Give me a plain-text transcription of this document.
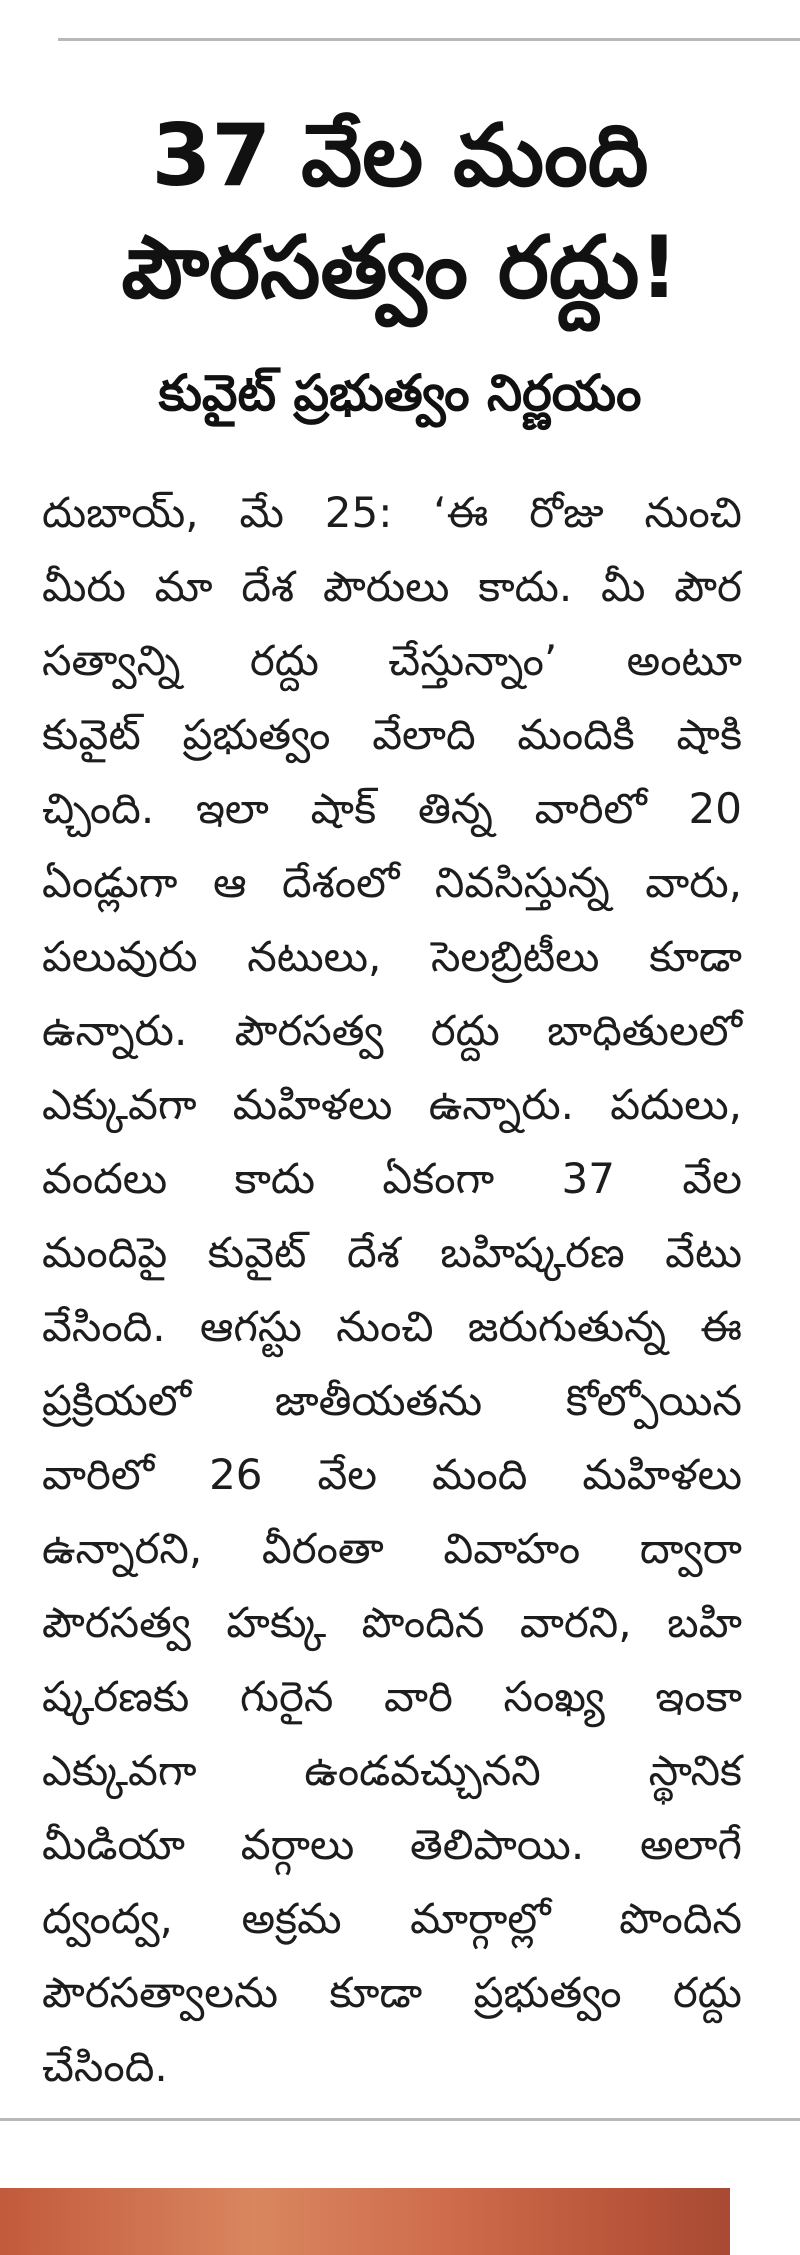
37 వేల మంది
పౌరసత్వం రద్దు!
కువైట్ ప్రభుత్వం నిర్ణయం
దుబాయ్, మే 25: ‘ఈ రోజు నుంచి
మీరు మా దేశ పౌరులు కాదు. మీ పౌర
సత్వాన్ని రద్దు చేస్తున్నాం’ అంటూ
కువైట్ ప్రభుత్వం వేలాది మందికి షాకి
చ్చింది. ఇలా షాక్ తిన్న వారిలో 20
ఏండ్లుగా ఆ దేశంలో నివసిస్తున్న వారు,
పలువురు నటులు, సెలబ్రిటీలు కూడా
ఉన్నారు. పౌరసత్వ రద్దు బాధితులలో
ఎక్కువగా మహిళలు ఉన్నారు. పదులు,
వందలు కాదు ఏకంగా 37 వేల
మందిపై కువైట్ దేశ బహిష్కరణ వేటు
వేసింది. ఆగస్టు నుంచి జరుగుతున్న ఈ
ప్రక్రియలో జాతీయతను కోల్పోయిన
వారిలో 26 వేల మంది మహిళలు
ఉన్నారని, వీరంతా వివాహం ద్వారా
పౌరసత్వ హక్కు పొందిన వారని, బహి
ష్కరణకు గురైన వారి సంఖ్య ఇంకా
ఎక్కువగా	ఉండవచ్చునని	స్థానిక
మీడియా వర్గాలు తెలిపాయి. అలాగే
ద్వంద్వ, అక్రమ మార్గాల్లో పొందిన
పౌరసత్వాలను కూడా ప్రభుత్వం రద్దు
చేసింది.
